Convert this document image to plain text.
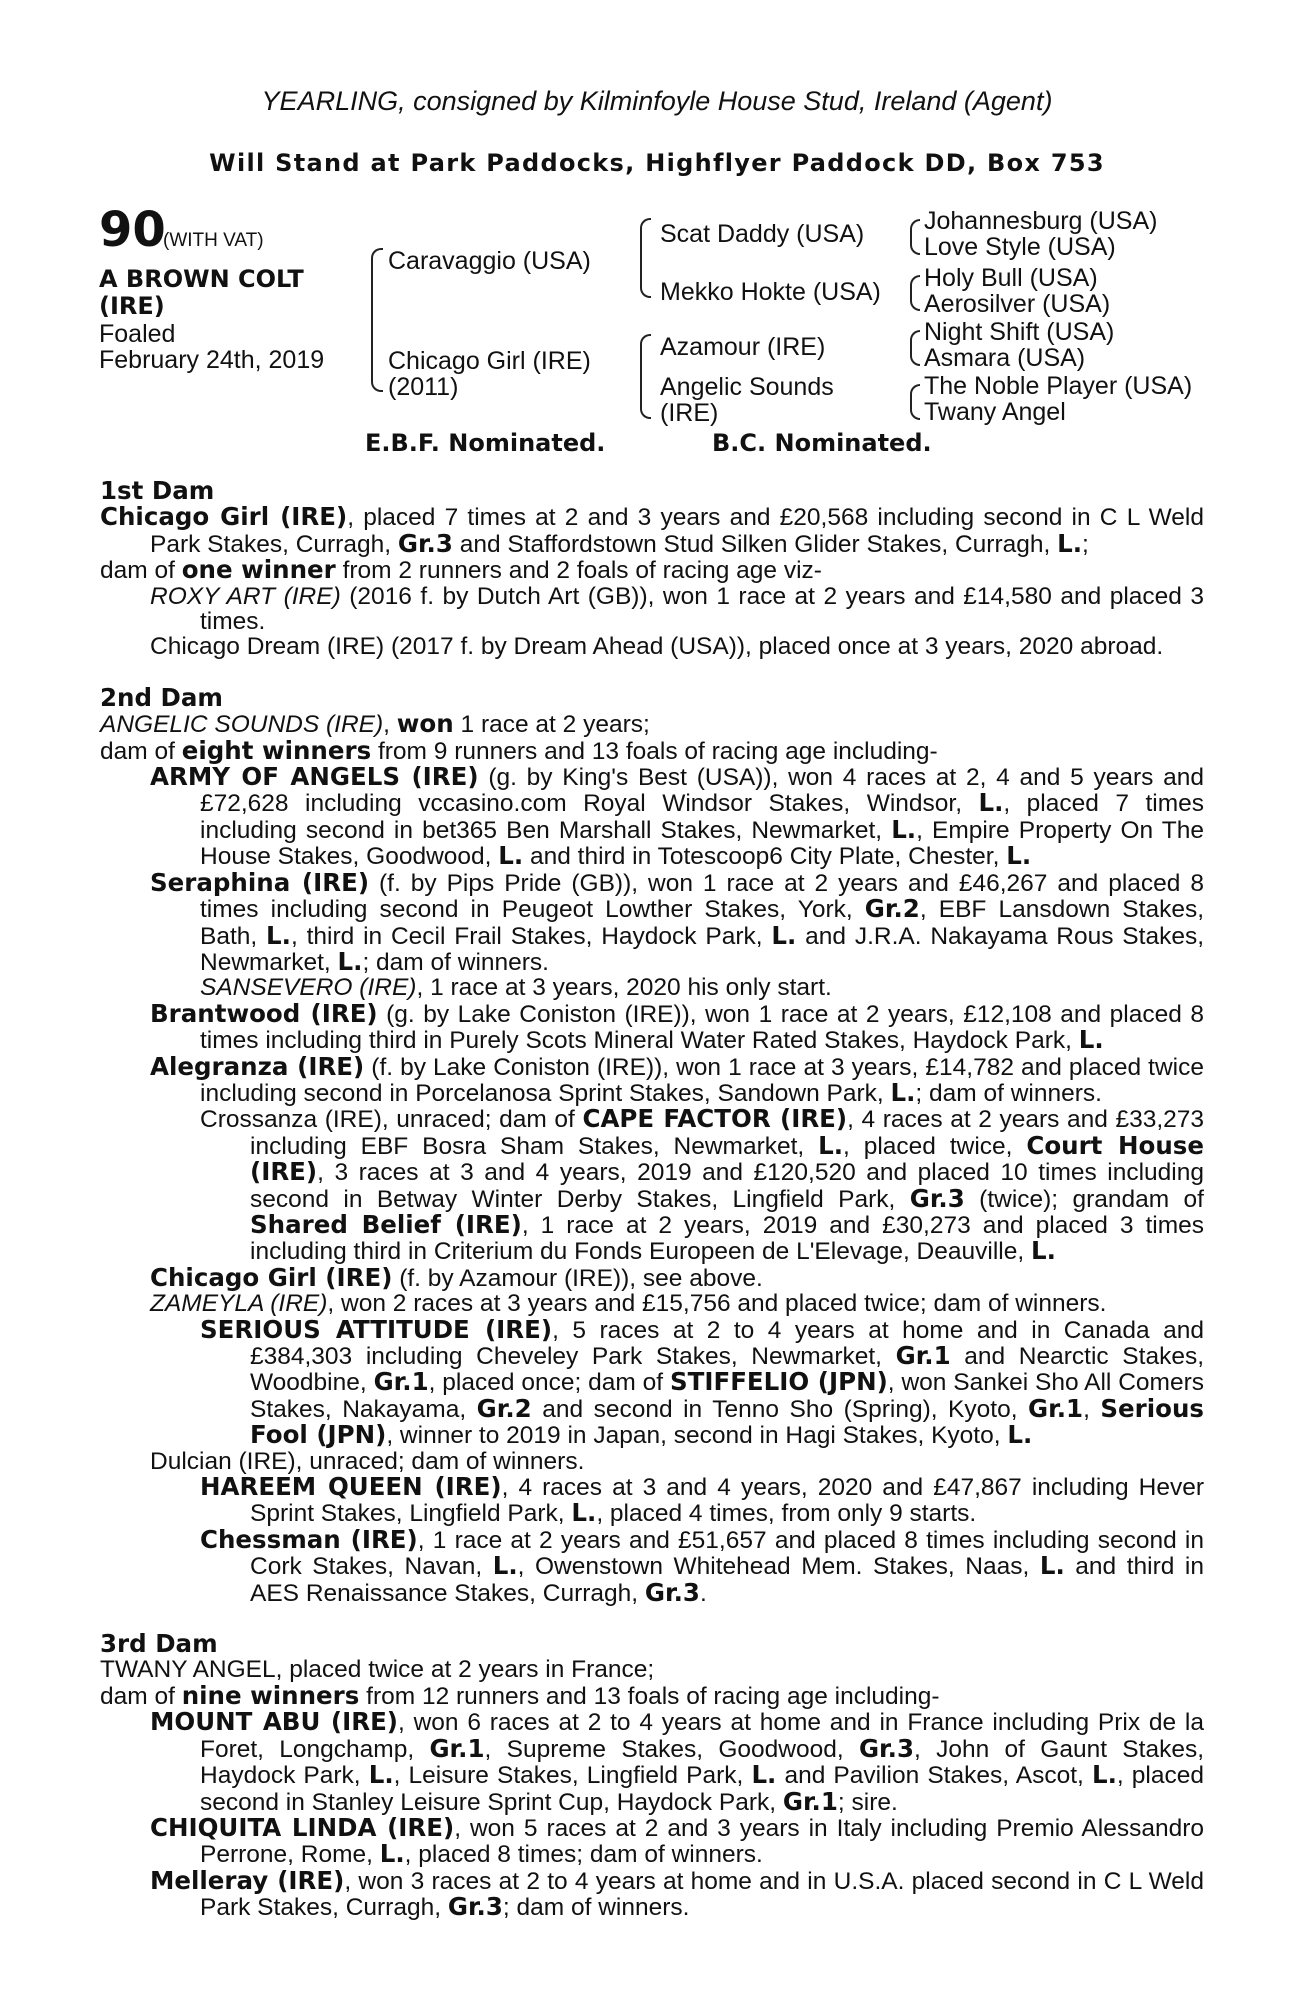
YEARLING, consigned by Kilminfoyle House Stud, Ireland (Agent)
Will Stand at Park Paddocks, Highflyer Paddock DD, Box 753
90
(WITH VAT)
A BROWN COLT
(IRE)
Foaled
February 24th, 2019
Caravaggio (USA)
Chicago Girl (IRE)
(2011)
Scat Daddy (USA)
Mekko Hokte (USA)
Azamour (IRE)
Angelic Sounds
(IRE)
Johannesburg (USA)
Love Style (USA)
Holy Bull (USA)
Aerosilver (USA)
Night Shift (USA)
Asmara (USA)
The Noble Player (USA)
Twany Angel
E.B.F. Nominated.	B.C. Nominated.

1st Dam

Chicago Girl (IRE), placed 7 times at 2 and 3 years and £20,568 including second in C L Weld Park Stakes, Curragh, Gr.3 and Staffordstown Stud Silken Glider Stakes, Curragh, L.;

dam of one winner from 2 runners and 2 foals of racing age viz-

ROXY ART (IRE) (2016 f. by Dutch Art (GB)), won 1 race at 2 years and £14,580 and placed 3 times.

Chicago Dream (IRE) (2017 f. by Dream Ahead (USA)), placed once at 3 years, 2020 abroad.

2nd Dam

ANGELIC SOUNDS (IRE), won 1 race at 2 years;

dam of eight winners from 9 runners and 13 foals of racing age including-

ARMY OF ANGELS (IRE) (g. by King's Best (USA)), won 4 races at 2, 4 and 5 years and £72,628 including vccasino.com Royal Windsor Stakes, Windsor, L., placed 7 times including second in bet365 Ben Marshall Stakes, Newmarket, L., Empire Property On The House Stakes, Goodwood, L. and third in Totescoop6 City Plate, Chester, L.

Seraphina (IRE) (f. by Pips Pride (GB)), won 1 race at 2 years and £46,267 and placed 8 times including second in Peugeot Lowther Stakes, York, Gr.2, EBF Lansdown Stakes, Bath, L., third in Cecil Frail Stakes, Haydock Park, L. and J.R.A. Nakayama Rous Stakes, Newmarket, L.; dam of winners.

SANSEVERO (IRE), 1 race at 3 years, 2020 his only start.

Brantwood (IRE) (g. by Lake Coniston (IRE)), won 1 race at 2 years, £12,108 and placed 8 times including third in Purely Scots Mineral Water Rated Stakes, Haydock Park, L.

Alegranza (IRE) (f. by Lake Coniston (IRE)), won 1 race at 3 years, £14,782 and placed twice including second in Porcelanosa Sprint Stakes, Sandown Park, L.; dam of winners.

Crossanza (IRE), unraced; dam of CAPE FACTOR (IRE), 4 races at 2 years and £33,273 including EBF Bosra Sham Stakes, Newmarket, L., placed twice, Court House (IRE), 3 races at 3 and 4 years, 2019 and £120,520 and placed 10 times including second in Betway Winter Derby Stakes, Lingfield Park, Gr.3 (twice); grandam of Shared Belief (IRE), 1 race at 2 years, 2019 and £30,273 and placed 3 times including third in Criterium du Fonds Europeen de L'Elevage, Deauville, L.

Chicago Girl (IRE) (f. by Azamour (IRE)), see above.

ZAMEYLA (IRE), won 2 races at 3 years and £15,756 and placed twice; dam of winners.

SERIOUS ATTITUDE (IRE), 5 races at 2 to 4 years at home and in Canada and £384,303 including Cheveley Park Stakes, Newmarket, Gr.1 and Nearctic Stakes, Woodbine, Gr.1, placed once; dam of STIFFELIO (JPN), won Sankei Sho All Comers Stakes, Nakayama, Gr.2 and second in Tenno Sho (Spring), Kyoto, Gr.1, Serious Fool (JPN), winner to 2019 in Japan, second in Hagi Stakes, Kyoto, L.

Dulcian (IRE), unraced; dam of winners.

HAREEM QUEEN (IRE), 4 races at 3 and 4 years, 2020 and £47,867 including Hever Sprint Stakes, Lingfield Park, L., placed 4 times, from only 9 starts.

Chessman (IRE), 1 race at 2 years and £51,657 and placed 8 times including second in Cork Stakes, Navan, L., Owenstown Whitehead Mem. Stakes, Naas, L. and third in AES Renaissance Stakes, Curragh, Gr.3.

3rd Dam

TWANY ANGEL, placed twice at 2 years in France;

dam of nine winners from 12 runners and 13 foals of racing age including-

MOUNT ABU (IRE), won 6 races at 2 to 4 years at home and in France including Prix de la Foret, Longchamp, Gr.1, Supreme Stakes, Goodwood, Gr.3, John of Gaunt Stakes, Haydock Park, L., Leisure Stakes, Lingfield Park, L. and Pavilion Stakes, Ascot, L., placed second in Stanley Leisure Sprint Cup, Haydock Park, Gr.1; sire.

CHIQUITA LINDA (IRE), won 5 races at 2 and 3 years in Italy including Premio Alessandro Perrone, Rome, L., placed 8 times; dam of winners.

Melleray (IRE), won 3 races at 2 to 4 years at home and in U.S.A. placed second in C L Weld Park Stakes, Curragh, Gr.3; dam of winners.
